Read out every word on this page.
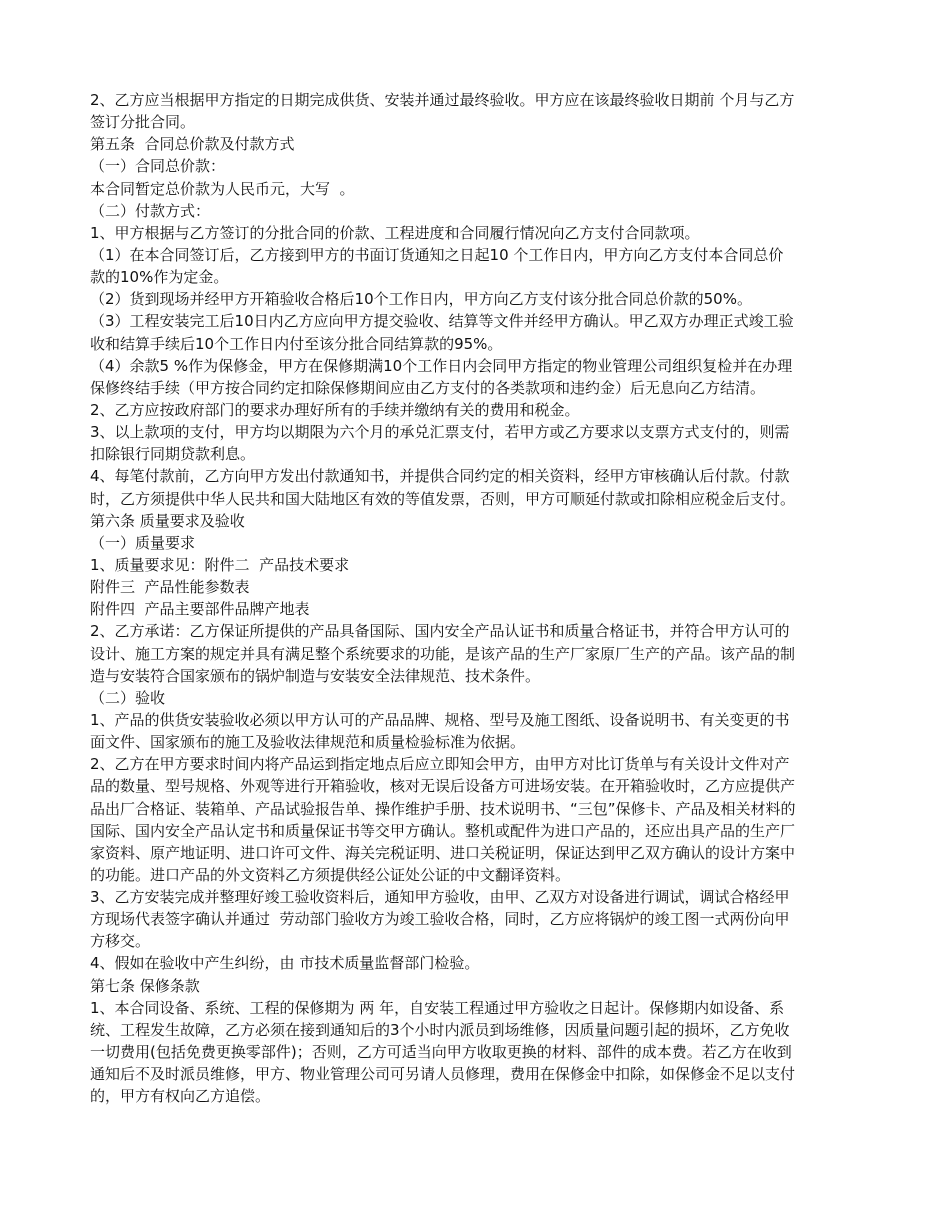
2、乙方应当根据甲方指定的日期完成供货、安装并通过最终验收。甲方应在该最终验收日期前 个月与乙方
签订分批合同。
第五条  合同总价款及付款方式
（一）合同总价款：
本合同暂定总价款为人民币元，大写  。
（二）付款方式：
1、甲方根据与乙方签订的分批合同的价款、工程进度和合同履行情况向乙方支付合同款项。
（1）在本合同签订后，乙方接到甲方的书面订货通知之日起10 个工作日内，甲方向乙方支付本合同总价
款的10%作为定金。
（2）货到现场并经甲方开箱验收合格后10个工作日内，甲方向乙方支付该分批合同总价款的50%。
（3）工程安装完工后10日内乙方应向甲方提交验收、结算等文件并经甲方确认。甲乙双方办理正式竣工验
收和结算手续后10个工作日内付至该分批合同结算款的95%。
（4）余款5 %作为保修金，甲方在保修期满10个工作日内会同甲方指定的物业管理公司组织复检并在办理
保修终结手续（甲方按合同约定扣除保修期间应由乙方支付的各类款项和违约金）后无息向乙方结清。
2、乙方应按政府部门的要求办理好所有的手续并缴纳有关的费用和税金。
3、以上款项的支付，甲方均以期限为六个月的承兑汇票支付，若甲方或乙方要求以支票方式支付的，则需
扣除银行同期贷款利息。
4、每笔付款前，乙方向甲方发出付款通知书，并提供合同约定的相关资料，经甲方审核确认后付款。付款
时，乙方须提供中华人民共和国大陆地区有效的等值发票，否则，甲方可顺延付款或扣除相应税金后支付。
第六条 质量要求及验收
（一）质量要求
1、质量要求见：附件二  产品技术要求
附件三  产品性能参数表
附件四  产品主要部件品牌产地表
2、乙方承诺：乙方保证所提供的产品具备国际、国内安全产品认证书和质量合格证书，并符合甲方认可的
设计、施工方案的规定并具有满足整个系统要求的功能，是该产品的生产厂家原厂生产的产品。该产品的制
造与安装符合国家颁布的锅炉制造与安装安全法律规范、技术条件。
（二）验收
1、产品的供货安装验收必须以甲方认可的产品品牌、规格、型号及施工图纸、设备说明书、有关变更的书
面文件、国家颁布的施工及验收法律规范和质量检验标准为依据。
2、乙方在甲方要求时间内将产品运到指定地点后应立即知会甲方，由甲方对比订货单与有关设计文件对产
品的数量、型号规格、外观等进行开箱验收，核对无误后设备方可进场安装。在开箱验收时，乙方应提供产
品出厂合格证、装箱单、产品试验报告单、操作维护手册、技术说明书、“三包”保修卡、产品及相关材料的
国际、国内安全产品认定书和质量保证书等交甲方确认。整机或配件为进口产品的，还应出具产品的生产厂
家资料、原产地证明、进口许可文件、海关完税证明、进口关税证明，保证达到甲乙双方确认的设计方案中
的功能。进口产品的外文资料乙方须提供经公证处公证的中文翻译资料。
3、乙方安装完成并整理好竣工验收资料后，通知甲方验收，由甲、乙双方对设备进行调试，调试合格经甲
方现场代表签字确认并通过  劳动部门验收方为竣工验收合格，同时，乙方应将锅炉的竣工图一式两份向甲
方移交。
4、假如在验收中产生纠纷，由 市技术质量监督部门检验。
第七条 保修条款
1、本合同设备、系统、工程的保修期为 两 年，自安装工程通过甲方验收之日起计。保修期内如设备、系
统、工程发生故障，乙方必须在接到通知后的3个小时内派员到场维修，因质量问题引起的损坏，乙方免收
一切费用(包括免费更换零部件)；否则，乙方可适当向甲方收取更换的材料、部件的成本费。若乙方在收到
通知后不及时派员维修，甲方、物业管理公司可另请人员修理，费用在保修金中扣除，如保修金不足以支付
的，甲方有权向乙方追偿。
